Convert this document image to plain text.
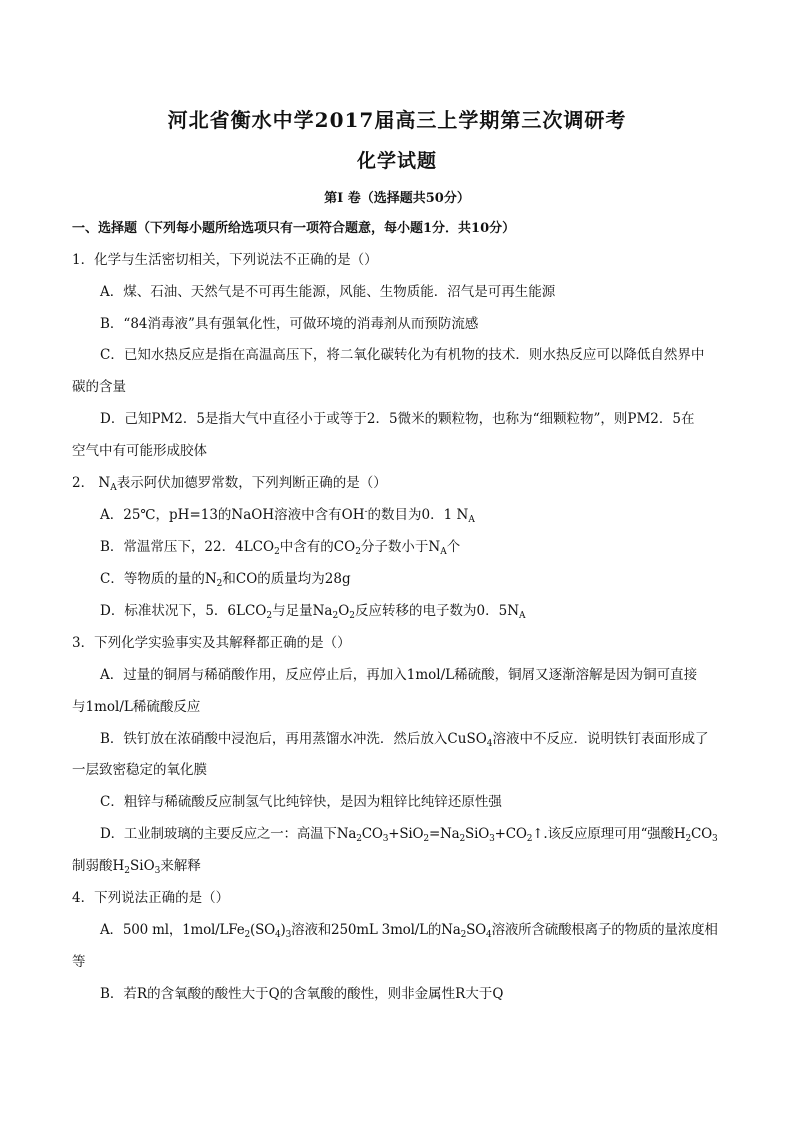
河北省衡水中学2017届高三上学期第三次调研考
化学试题
第I 卷（选择题共50分）
一、选择题（下列每小题所给选项只有一项符合题意，每小题1分．共10分）
1．化学与生活密切相关，下列说法不正确的是（）
A．煤、石油、天然气是不可再生能源，风能、生物质能．沼气是可再生能源
B．“84消毒液”具有强氧化性，可做环境的消毒剂从而预防流感
C．已知水热反应是指在高温高压下，将二氧化碳转化为有机物的技术．则水热反应可以降低自然界中
碳的含量
D．己知PM2．5是指大气中直径小于或等于2．5微米的颗粒物，也称为“细颗粒物”，则PM2．5在
空气中有可能形成胶体
2． $N_A$表示阿伏加德罗常数，下列判断正确的是（）
A．25℃，pH=13的NaOH溶液中含有OH-的数目为0．1 $N_A$
B．常温常压下，22．$4LCO_2$中含有的$CO_2$分子数小于$N_A$个
C．等物质的量的$N_2$和CO的质量均为28g
D．标准状况下，5．$6LCO_2$与足量$Na_2O_2$反应转移的电子数为0．$5N_A$
3．下列化学实验事实及其解释都正确的是（）
A．过量的铜屑与稀硝酸作用，反应停止后，再加入1mol/L稀硫酸，铜屑又逐渐溶解是因为铜可直接
与1mol/L稀硫酸反应
B．铁钉放在浓硝酸中浸泡后，再用蒸馏水冲洗．然后放入CuSO$_4$溶液中不反应．说明铁钉表面形成了
一层致密稳定的氧化膜
C．粗锌与稀硫酸反应制氢气比纯锌快，是因为粗锌比纯锌还原性强
D．工业制玻璃的主要反应之一：高温下$Na_2CO_3+SiO_2=Na_2SiO_3+CO_2↑$.该反应原理可用“强酸$H_2CO_3$
制弱酸$H_2SiO_3$来解释
4．下列说法正确的是（）
A．500 ml，$1mol/LFe_2(SO_4)_3$溶液和250mL 3mol/L的$Na_2SO_4$溶液所含硫酸根离子的物质的量浓度相
等
B．若R的含氧酸的酸性大于Q的含氧酸的酸性，则非金属性R大于Q
